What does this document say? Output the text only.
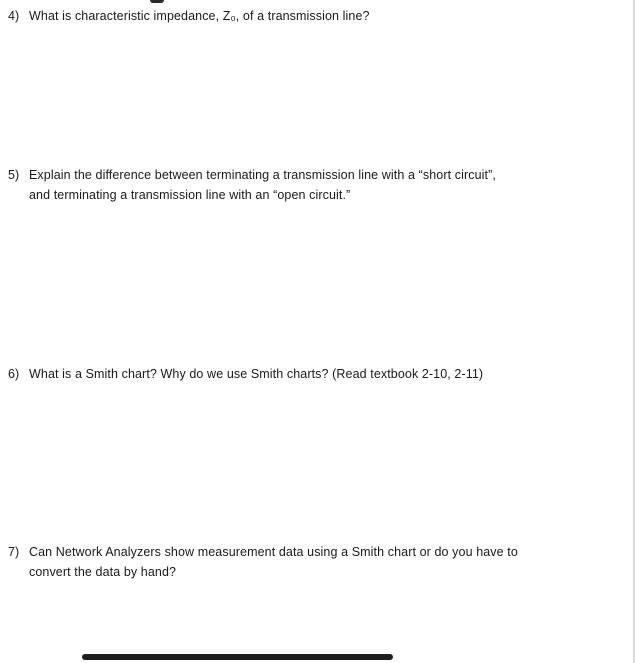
4) What is characteristic impedance, Z₀, of a transmission line?
5) Explain the difference between terminating a transmission line with a “short circuit”,
and terminating a transmission line with an “open circuit.”
6) What is a Smith chart? Why do we use Smith charts? (Read textbook 2-10, 2-11)
7) Can Network Analyzers show measurement data using a Smith chart or do you have to
convert the data by hand?
